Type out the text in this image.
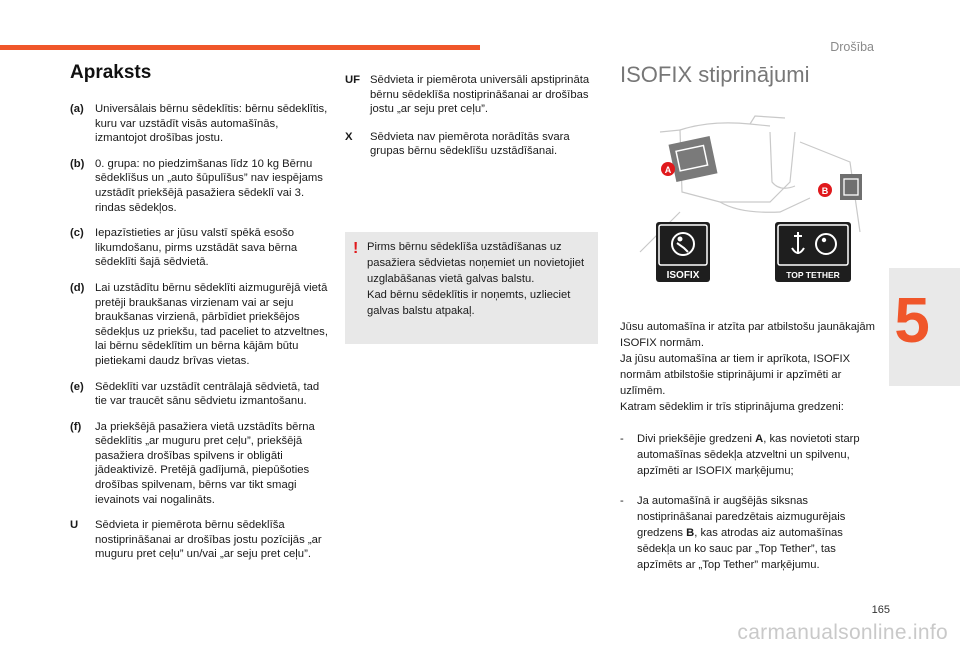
Drošība
5
165
carmanualsonline.info
Apraksts
(a) Universālais bērnu sēdeklītis: bērnu sēdeklītis, kuru var uzstādīt visās automašīnās, izmantojot drošības jostu.
(b) 0. grupa: no piedzimšanas līdz 10 kg Bērnu sēdeklīšus un „auto šūpulīšus” nav iespējams uzstādīt priekšējā pasažiera sēdeklī vai 3. rindas sēdekļos.
(c) Iepazīstieties ar jūsu valstī spēkā esošo likumdošanu, pirms uzstādāt sava bērna sēdeklīti šajā sēdvietā.
(d) Lai uzstādītu bērnu sēdeklīti aizmugurējā vietā pretēji braukšanas virzienam vai ar seju braukšanas virzienā, pārbīdiet priekšējos sēdekļus uz priekšu, tad paceliet to atzveltnes, lai bērnu sēdeklītim un bērna kājām būtu pietiekami daudz brīvas vietas.
(e) Sēdeklīti var uzstādīt centrālajā sēdvietā, tad tie var traucēt sānu sēdvietu izmantošanu.
(f)	Ja priekšējā pasažiera vietā uzstādīts bērna sēdeklītis „ar muguru pret ceļu”, priekšējā pasažiera drošības spilvens ir obligāti jādeaktivizē. Pretējā gadījumā, piepūšoties drošības spilvenam, bērns var tikt smagi ievainots vai nogalināts.
U	Sēdvieta ir piemērota bērnu sēdeklīša nostiprināšanai ar drošības jostu pozīcijās „ar muguru pret ceļu” un/vai „ar seju pret ceļu”.
UF Sēdvieta ir piemērota universāli apstiprināta bērnu sēdeklīša nostiprināšanai ar drošības jostu „ar seju pret ceļu”.
X	Sēdvieta nav piemērota norādītās svara grupas bērnu sēdeklīšu uzstādīšanai.
! Pirms bērnu sēdeklīša uzstādīšanas uz pasažiera sēdvietas noņemiet un novietojiet uzglabāšanas vietā galvas balstu.
Kad bērnu sēdeklītis ir noņemts, uzlieciet galvas balstu atpakaļ.
ISOFIX stiprinājumi
A
B
ISOFIX	TOP TETHER
Jūsu automašīna ir atzīta par atbilstošu jaunākajām ISOFIX normām.
Ja jūsu automašīna ar tiem ir aprīkota, ISOFIX normām atbilstošie stiprinājumi ir apzīmēti ar uzlīmēm.
Katram sēdeklim ir trīs stiprinājuma gredzeni:
-	Divi priekšējie gredzeni A, kas novietoti starp automašīnas sēdekļa atzveltni un spilvenu, apzīmēti ar ISOFIX marķējumu;
-	Ja automašīnā ir augšējās siksnas nostiprināšanai paredzētais aizmugurējais gredzens B, kas atrodas aiz automašīnas sēdekļa un ko sauc par „Top Tether”, tas apzīmēts ar „Top Tether” marķējumu.
